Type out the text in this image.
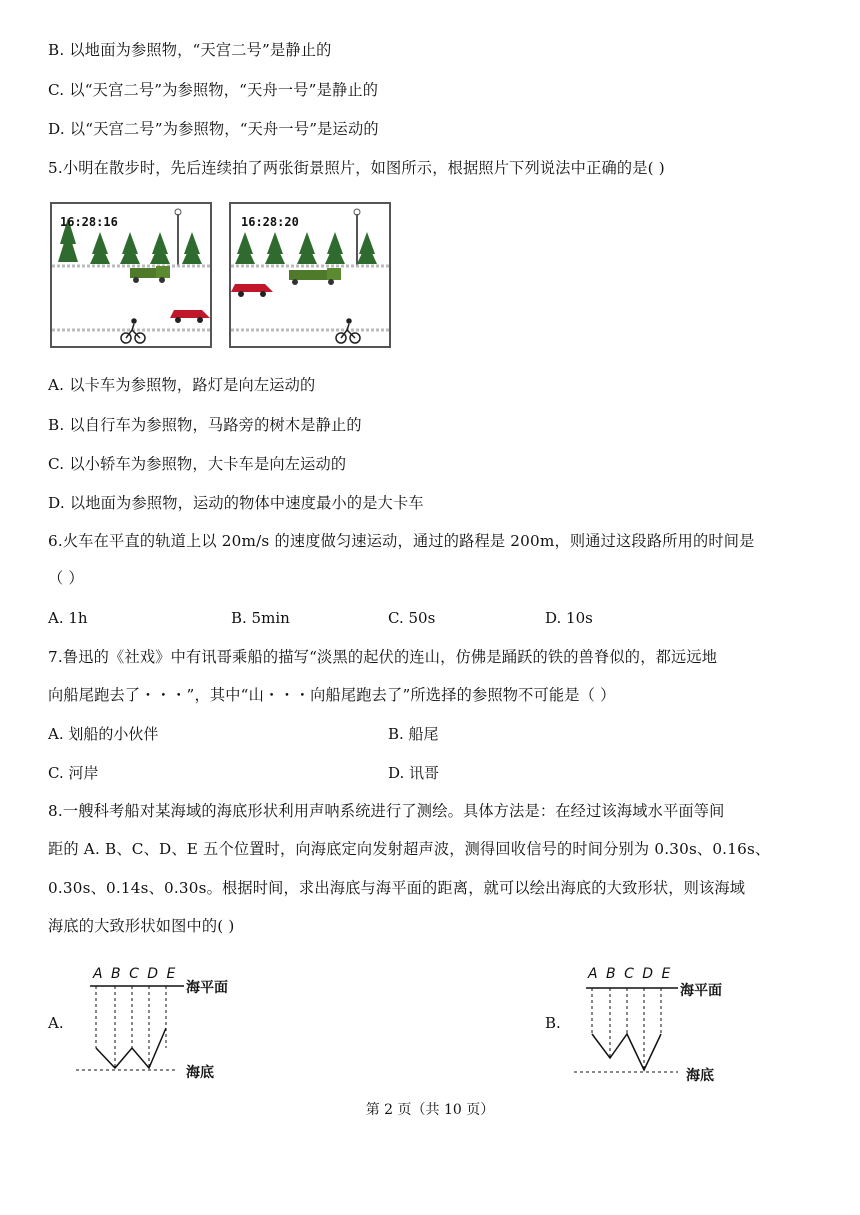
B. 以地面为参照物，“天宫二号”是静止的
C. 以“天宫二号”为参照物，“天舟一号”是静止的
D. 以“天宫二号”为参照物，“天舟一号”是运动的
5.小明在散步时，先后连续拍了两张街景照片，如图所示，根据照片下列说法中正确的是( )
16:28:16	16:28:20
A. 以卡车为参照物，路灯是向左运动的
B. 以自行车为参照物，马路旁的树木是静止的
C. 以小轿车为参照物，大卡车是向左运动的
D. 以地面为参照物，运动的物体中速度最小的是大卡车
6.火车在平直的轨道上以 20m/s 的速度做匀速运动，通过的路程是 200m，则通过这段路所用的时间是
（ ）
A. 1h	B. 5min	C. 50s	D. 10s
7.鲁迅的《社戏》中有讯哥乘船的描写“淡黑的起伏的连山，仿佛是踊跃的铁的兽脊似的，都远远地
向船尾跑去了・・・”，其中“山・・・向船尾跑去了”所选择的参照物不可能是（ ）
A. 划船的小伙伴	B. 船尾
C. 河岸	D. 讯哥
8.一艘科考船对某海域的海底形状利用声呐系统进行了测绘。具体方法是：在经过该海域水平面等间
距的 A. B、C、D、E 五个位置时，向海底定向发射超声波，测得回收信号的时间分别为 0.30s、0.16s、
0.30s、0.14s、0.30s。根据时间，求出海底与海平面的距离，就可以绘出海底的大致形状，则该海域
海底的大致形状如图中的( )
A.
A B C D E
海平面
海底
B.
A B C D E
海平面
海底
第 2 页（共 10 页）
